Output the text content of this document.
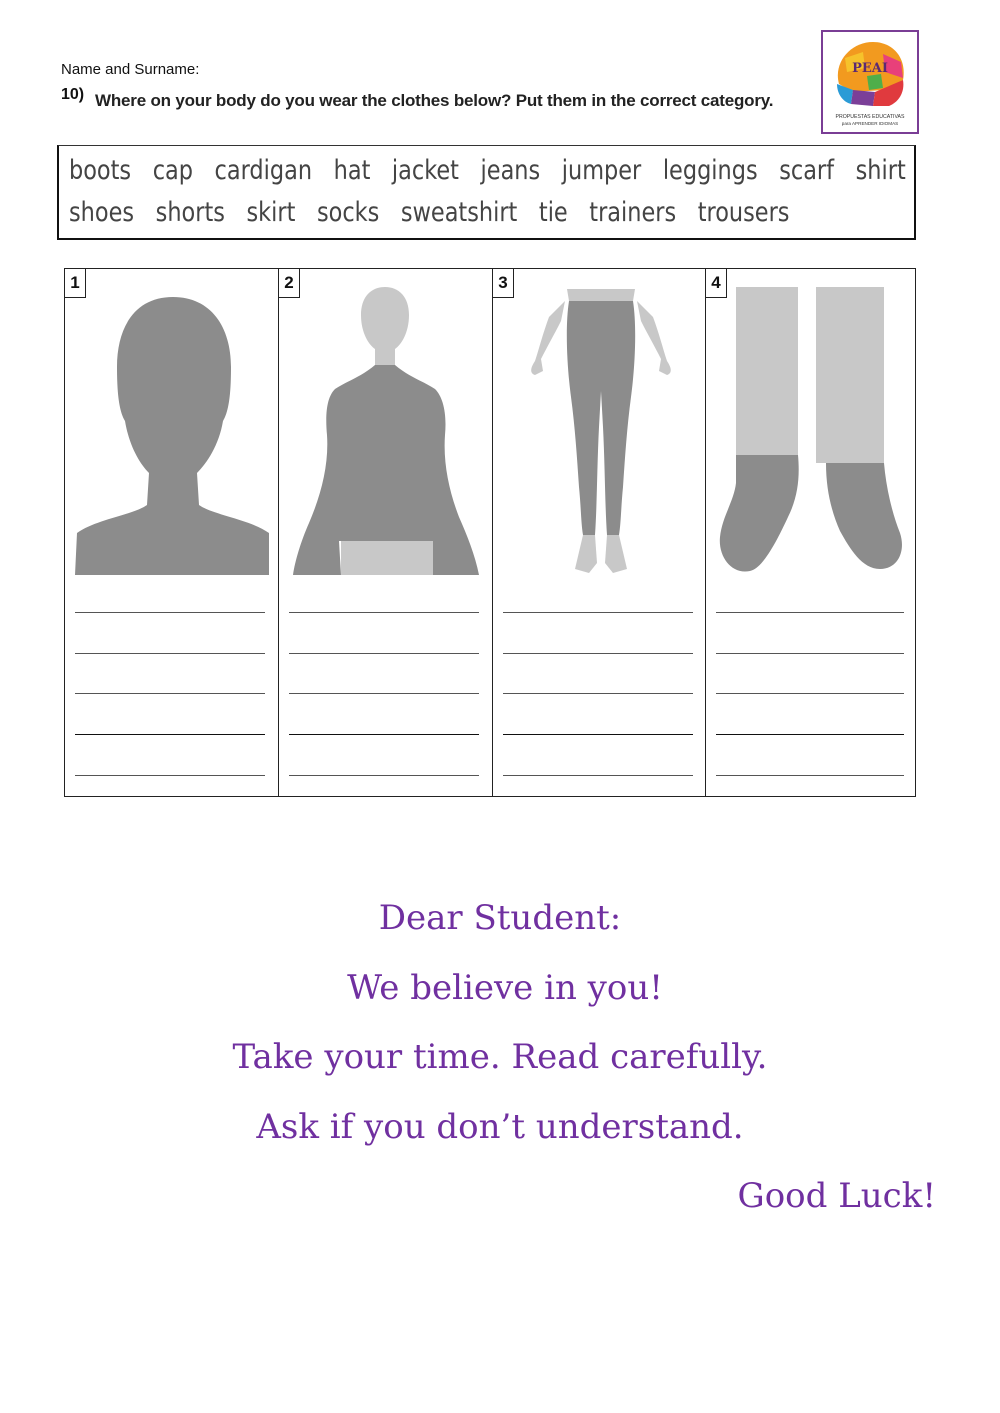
Name and Surname:
10) Where on your body do you wear the clothes below? Put them in the correct category.
PEAI
PROPUESTAS EDUCATIVAS
para APRENDER IDIOMAS
boots cap cardigan hat jacket jeans jumper leggings scarf shirt
shoes shorts skirt socks sweatshirt tie trainers trousers
1	2	3	4
Dear Student:
We believe in you!
Take your time. Read carefully.
Ask if you don’t understand.
Good Luck!
